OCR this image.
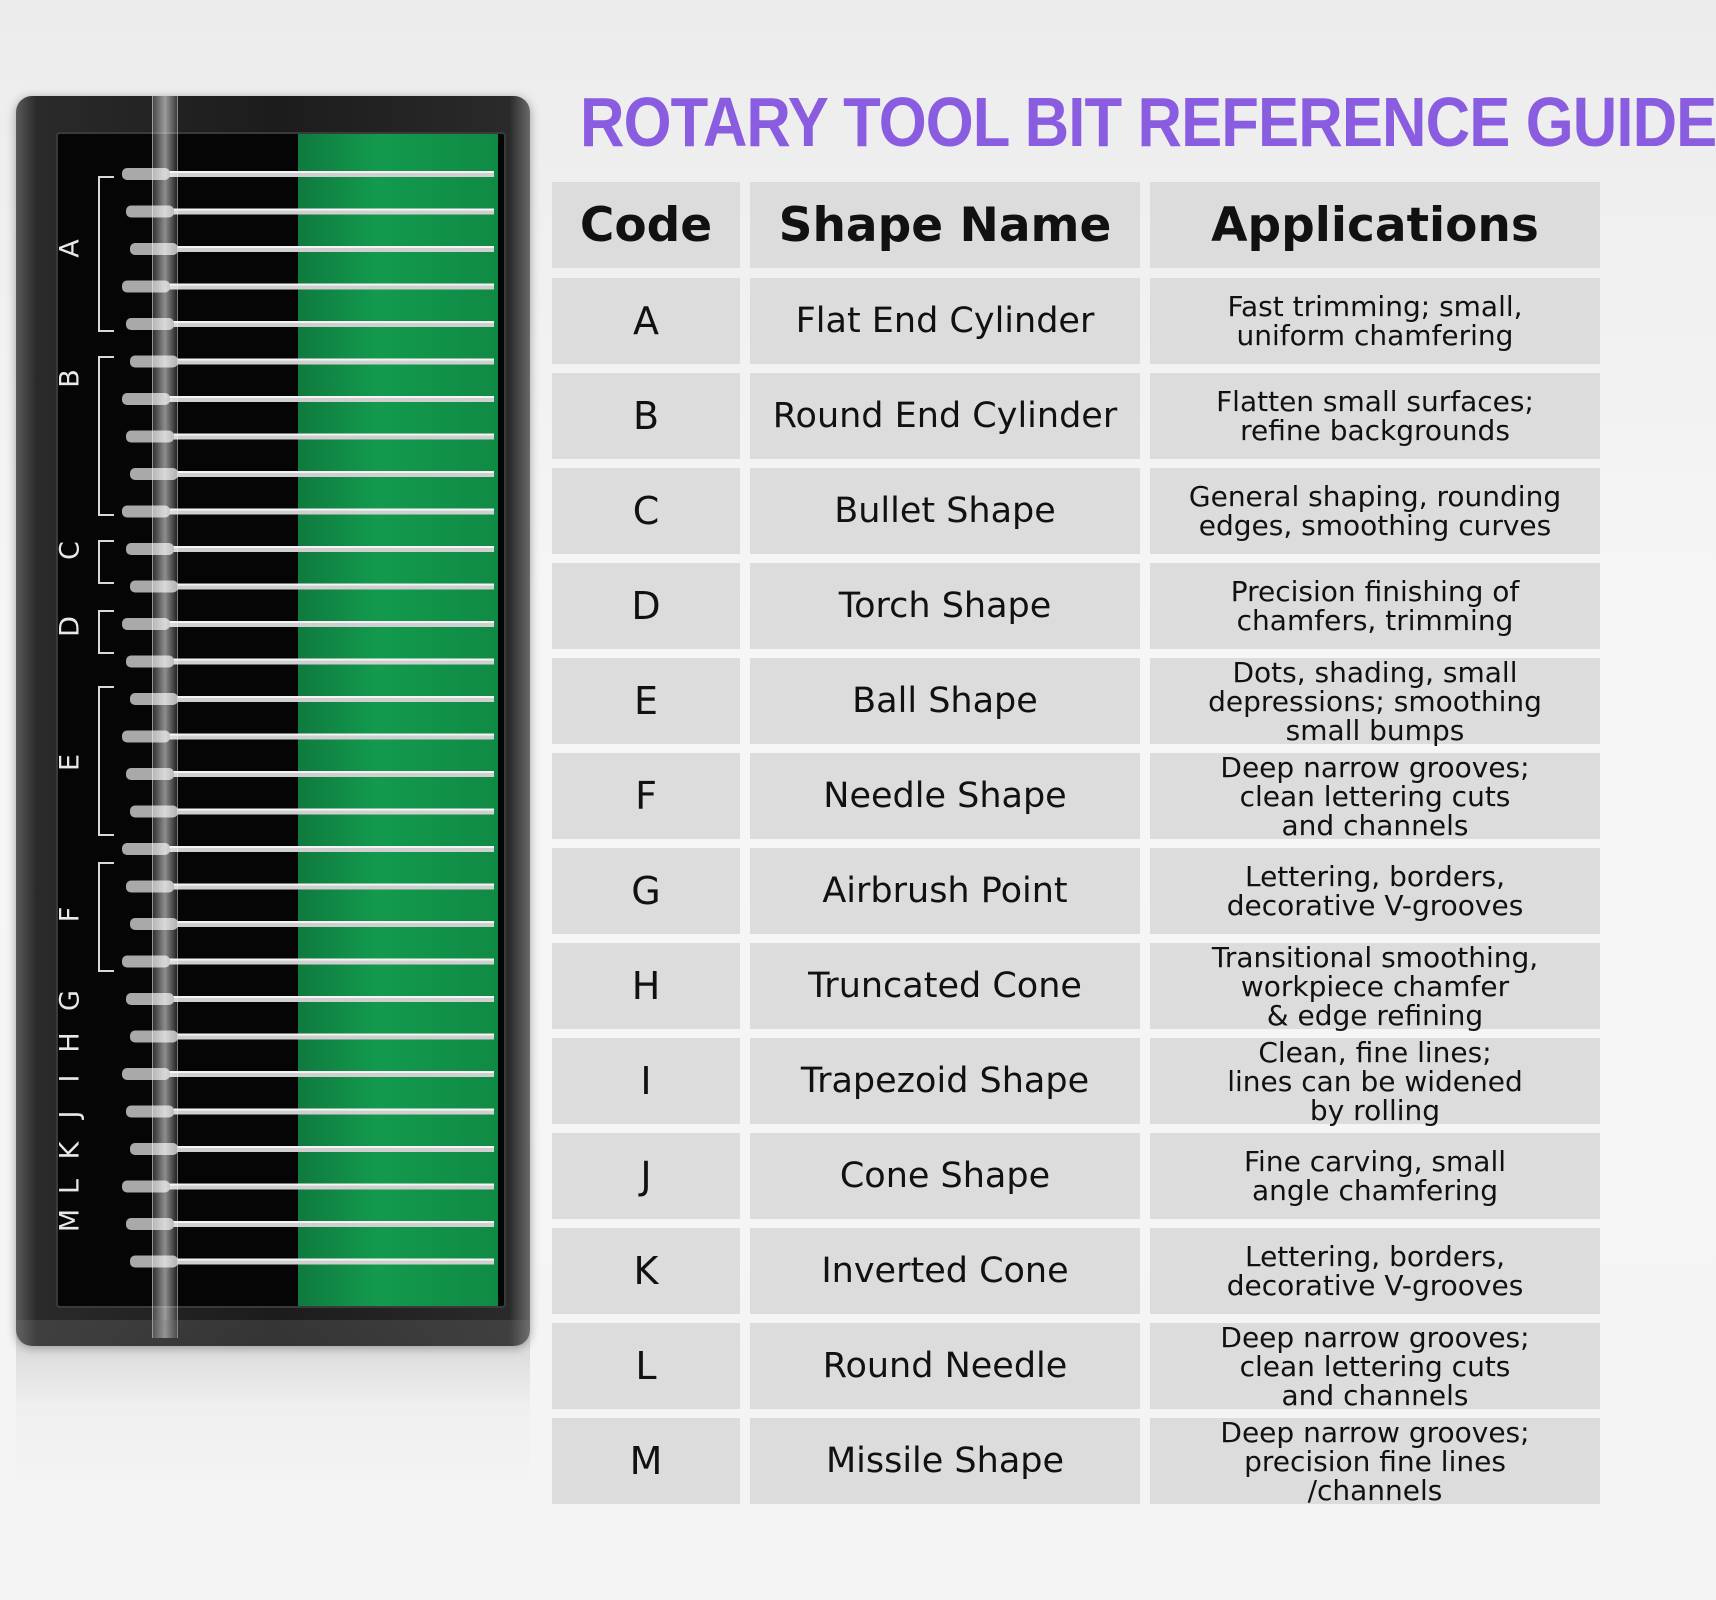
A
B
C
D
E
F
G
H
I
J
K
L
M
ROTARY TOOL BIT REFERENCE GUIDE
Code Shape Name Applications
A	Flat End Cylinder	Fast trimming; small,
uniform chamfering
B	Round End Cylinder	Flatten small surfaces;
refine backgrounds
C	Bullet Shape	General shaping, rounding
edges, smoothing curves
D	Torch Shape	Precision finishing of
chamfers, trimming
E	Ball Shape
Dots, shading, small
depressions; smoothing
small bumps
F	Needle Shape
Deep narrow grooves;
clean lettering cuts
and channels
G	Airbrush Point	Lettering, borders,
decorative V-grooves
H	Truncated Cone
Transitional smoothing,
workpiece chamfer
& edge refining
I	Trapezoid Shape
Clean, fine lines;
lines can be widened
by rolling
J	Cone Shape	Fine carving, small
angle chamfering
K	Inverted Cone	Lettering, borders,
decorative V-grooves
L	Round Needle
Deep narrow grooves;
clean lettering cuts
and channels
M	Missile Shape
Deep narrow grooves;
precision fine lines
/channels
